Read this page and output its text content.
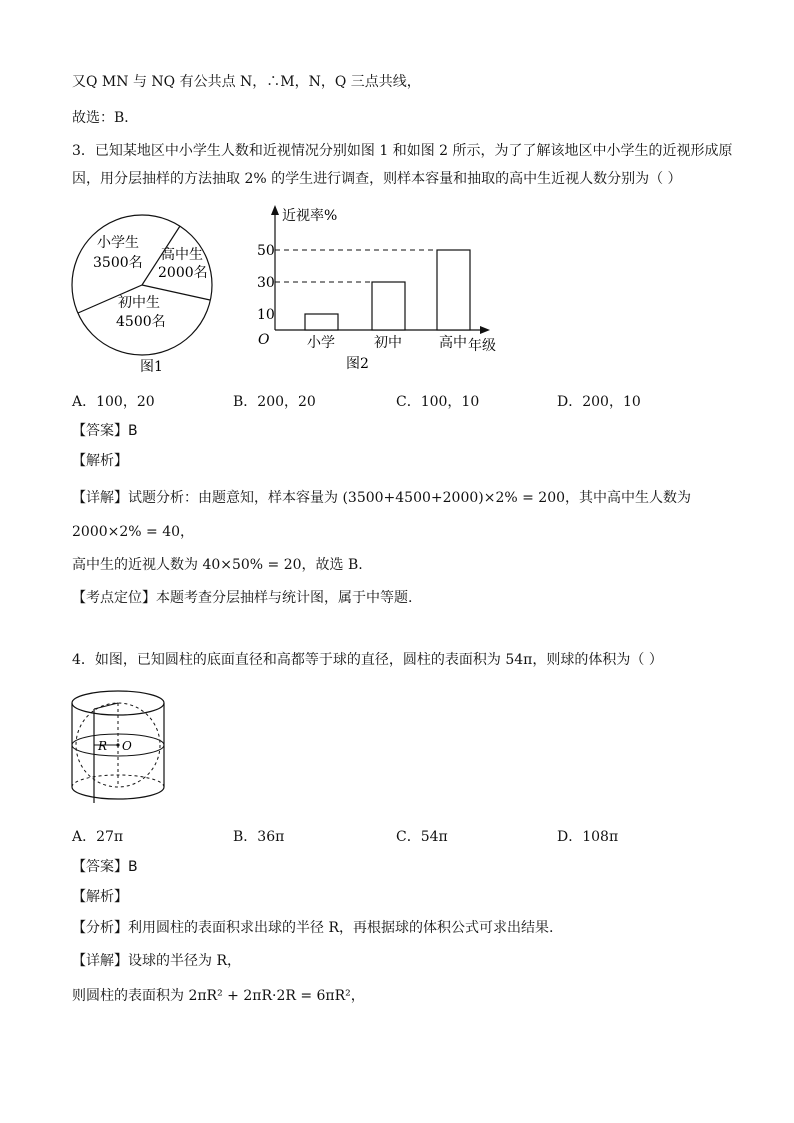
又Q MN 与 NQ 有公共点 N，∴M，N，Q 三点共线，
故选：B．
3．已知某地区中小学生人数和近视情况分别如图 1 和如图 2 所示，为了了解该地区中小学生的近视形成原
因，用分层抽样的方法抽取 2% 的学生进行调查，则样本容量和抽取的高中生近视人数分别为（ ）
小学生
3500名 高中生
2000名
初中生
4500名
图1
近视率%
O	年级
10
30
50
小学	初中	高中
图2
A．100，20	B．200，20	C．100，10	D．200，10
【答案】B
【解析】
【详解】试题分析：由题意知，样本容量为 (3500+4500+2000)×2% = 200，其中高中生人数为
2000×2% = 40，
高中生的近视人数为 40×50% = 20，故选 B.
【考点定位】本题考查分层抽样与统计图，属于中等题.
4．如图，已知圆柱的底面直径和高都等于球的直径，圆柱的表面积为 54π，则球的体积为（ ）
R O
A．27π	B．36π	C．54π	D．108π
【答案】B
【解析】
【分析】利用圆柱的表面积求出球的半径 R，再根据球的体积公式可求出结果.
【详解】设球的半径为 R，
则圆柱的表面积为 2πR² + 2πR·2R = 6πR²，
